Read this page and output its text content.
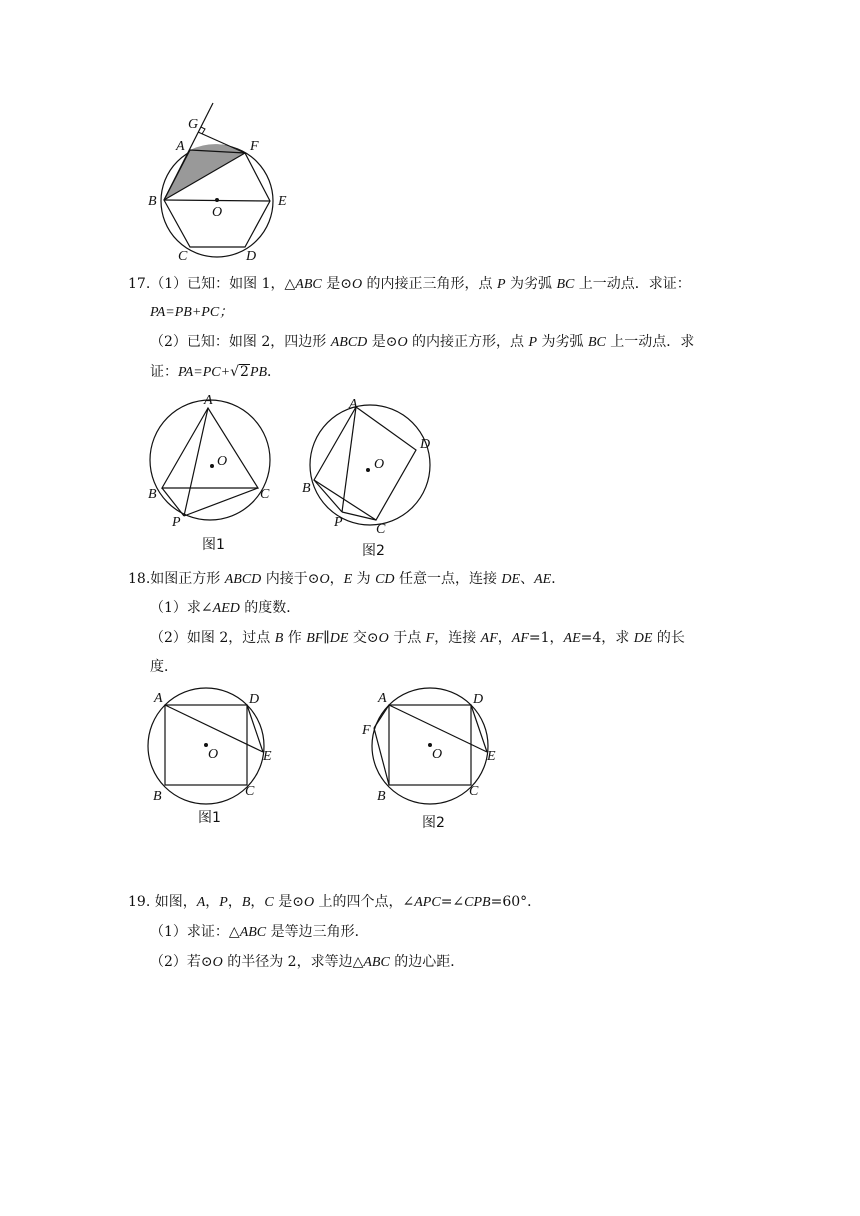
G
A	F
B
O
E
C	D
17.（1）已知：如图 1，△ABC 是⊙O 的内接正三角形，点 P 为劣弧 BC 上一动点．求证：
PA=PB+PC；
（2）已知：如图 2，四边形 ABCD 是⊙O 的内接正方形，点 P 为劣弧 BC 上一动点．求
证：PA=PC+√2PB．
A
B	C
P
O
图1
A
D
B
P C
O
图2
18.如图正方形 ABCD 内接于⊙O，E 为 CD 任意一点，连接 DE、AE．
（1）求∠AED 的度数．
（2）如图 2，过点 B 作 BF∥DE 交⊙O 于点 F，连接 AF，AF=1，AE=4，求 DE 的长
度．
A	D
E
O
B	C
图1
A	D
F
E
O
B	C
图2
19. 如图，A，P，B，C 是⊙O 上的四个点，∠APC=∠CPB=60°．
（1）求证：△ABC 是等边三角形．
（2）若⊙O 的半径为 2，求等边△ABC 的边心距．
